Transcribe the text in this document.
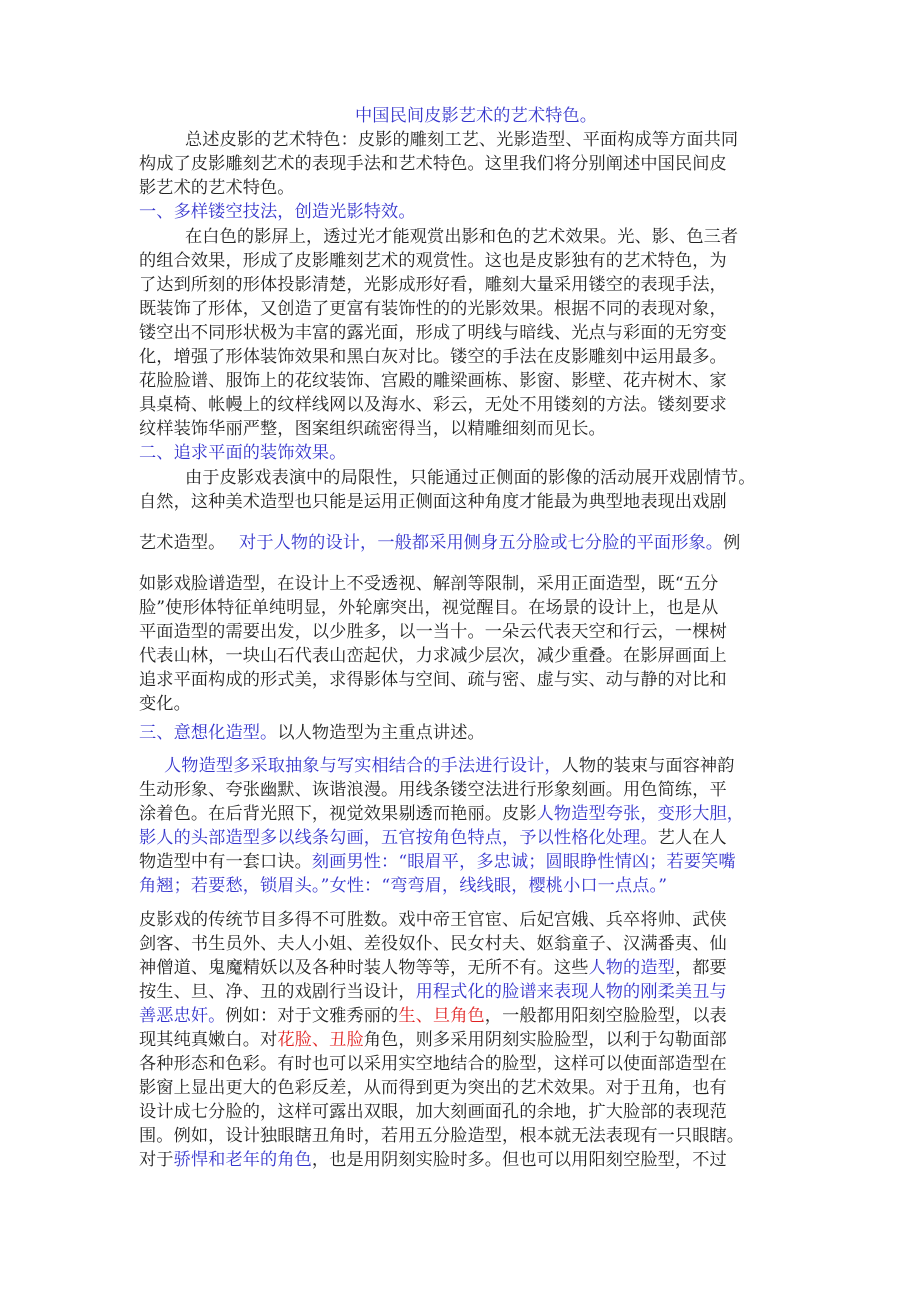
中国民间皮影艺术的艺术特色。
总述皮影的艺术特色：皮影的雕刻工艺、光影造型、平面构成等方面共同
构成了皮影雕刻艺术的表现手法和艺术特色。这里我们将分别阐述中国民间皮
影艺术的艺术特色。
一、多样镂空技法，创造光影特效。
在白色的影屏上，透过光才能观赏出影和色的艺术效果。光、影、色三者
的组合效果，形成了皮影雕刻艺术的观赏性。这也是皮影独有的艺术特色，为
了达到所刻的形体投影清楚，光影成形好看，雕刻大量采用镂空的表现手法，
既装饰了形体，又创造了更富有装饰性的的光影效果。根据不同的表现对象，
镂空出不同形状极为丰富的露光面，形成了明线与暗线、光点与彩面的无穷变
化，增强了形体装饰效果和黑白灰对比。镂空的手法在皮影雕刻中运用最多。
花脸脸谱、服饰上的花纹装饰、宫殿的雕梁画栋、影窗、影壁、花卉树木、家
具桌椅、帐幔上的纹样线网以及海水、彩云，无处不用镂刻的方法。镂刻要求
纹样装饰华丽严整，图案组织疏密得当，以精雕细刻而见长。
二、追求平面的装饰效果。
由于皮影戏表演中的局限性，只能通过正侧面的影像的活动展开戏剧情节。
自然，这种美术造型也只能是运用正侧面这种角度才能最为典型地表现出戏剧
艺术造型。 对于人物的设计，一般都采用侧身五分脸或七分脸的平面形象。例
如影戏脸谱造型，在设计上不受透视、解剖等限制，采用正面造型，既“五分
脸”使形体特征单纯明显，外轮廓突出，视觉醒目。在场景的设计上，也是从
平面造型的需要出发，以少胜多，以一当十。一朵云代表天空和行云，一棵树
代表山林，一块山石代表山峦起伏，力求减少层次，减少重叠。在影屏画面上
追求平面构成的形式美，求得影体与空间、疏与密、虚与实、动与静的对比和
变化。
三、意想化造型。以人物造型为主重点讲述。
人物造型多采取抽象与写实相结合的手法进行设计，人物的装束与面容神韵
生动形象、夸张幽默、诙谐浪漫。用线条镂空法进行形象刻画。用色简练，平
涂着色。在后背光照下，视觉效果剔透而艳丽。皮影人物造型夸张，变形大胆，
影人的头部造型多以线条勾画，五官按角色特点，予以性格化处理。艺人在人
物造型中有一套口诀。刻画男性：“眼眉平，多忠诚；圆眼睁性情凶；若要笑嘴
角翘；若要愁，锁眉头。”女性：“弯弯眉，线线眼，樱桃小口一点点。”
皮影戏的传统节目多得不可胜数。戏中帝王官宦、后妃宫娥、兵卒将帅、武侠
剑客、书生员外、夫人小姐、差役奴仆、民女村夫、妪翁童子、汉满番夷、仙
神僧道、鬼魔精妖以及各种时装人物等等，无所不有。这些人物的造型，都要
按生、旦、净、丑的戏剧行当设计，用程式化的脸谱来表现人物的刚柔美丑与
善恶忠奸。例如：对于文雅秀丽的生、旦角色，一般都用阳刻空脸脸型，以表
现其纯真嫩白。对花脸、丑脸角色，则多采用阴刻实脸脸型，以利于勾勒面部
各种形态和色彩。有时也可以采用实空地结合的脸型，这样可以使面部造型在
影窗上显出更大的色彩反差，从而得到更为突出的艺术效果。对于丑角，也有
设计成七分脸的，这样可露出双眼，加大刻画面孔的余地，扩大脸部的表现范
围。例如，设计独眼瞎丑角时，若用五分脸造型，根本就无法表现有一只眼瞎。
对于骄悍和老年的角色，也是用阴刻实脸时多。但也可以用阳刻空脸型，不过
